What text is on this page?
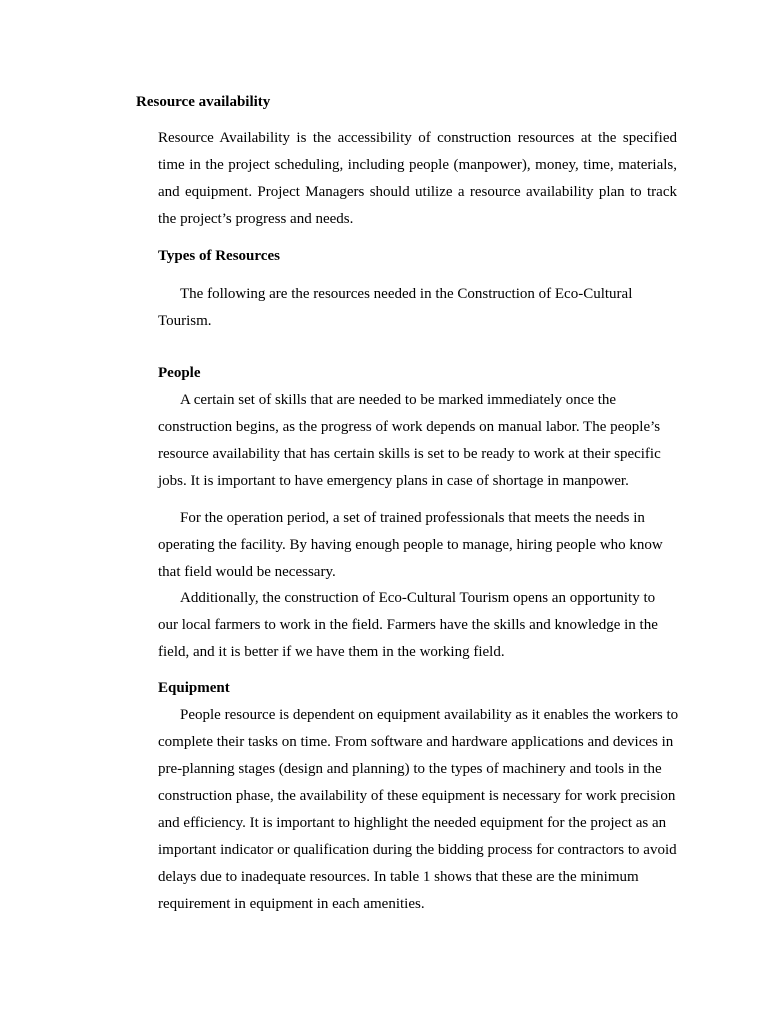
Resource availability

Resource Availability is the accessibility of construction resources at the specified time in the project scheduling, including people (manpower), money, time, materials, and equipment. Project Managers should utilize a resource availability plan to track the project’s progress and needs.

Types of Resources

The following are the resources needed in the Construction of Eco-Cultural Tourism.

People

A certain set of skills that are needed to be marked immediately once the construction begins, as the progress of work depends on manual labor. The people’s resource availability that has certain skills is set to be ready to work at their specific jobs. It is important to have emergency plans in case of shortage in manpower.

For the operation period, a set of trained professionals that meets the needs in operating the facility. By having enough people to manage, hiring people who know that field would be necessary.

Additionally, the construction of Eco-Cultural Tourism opens an opportunity to our local farmers to work in the field. Farmers have the skills and knowledge in the field, and it is better if we have them in the working field.

Equipment

People resource is dependent on equipment availability as it enables the workers to complete their tasks on time. From software and hardware applications and devices in pre-planning stages (design and planning) to the types of machinery and tools in the construction phase, the availability of these equipment is necessary for work precision and efficiency. It is important to highlight the needed equipment for the project as an important indicator or qualification during the bidding process for contractors to avoid delays due to inadequate resources. In table 1 shows that these are the minimum requirement in equipment in each amenities.
